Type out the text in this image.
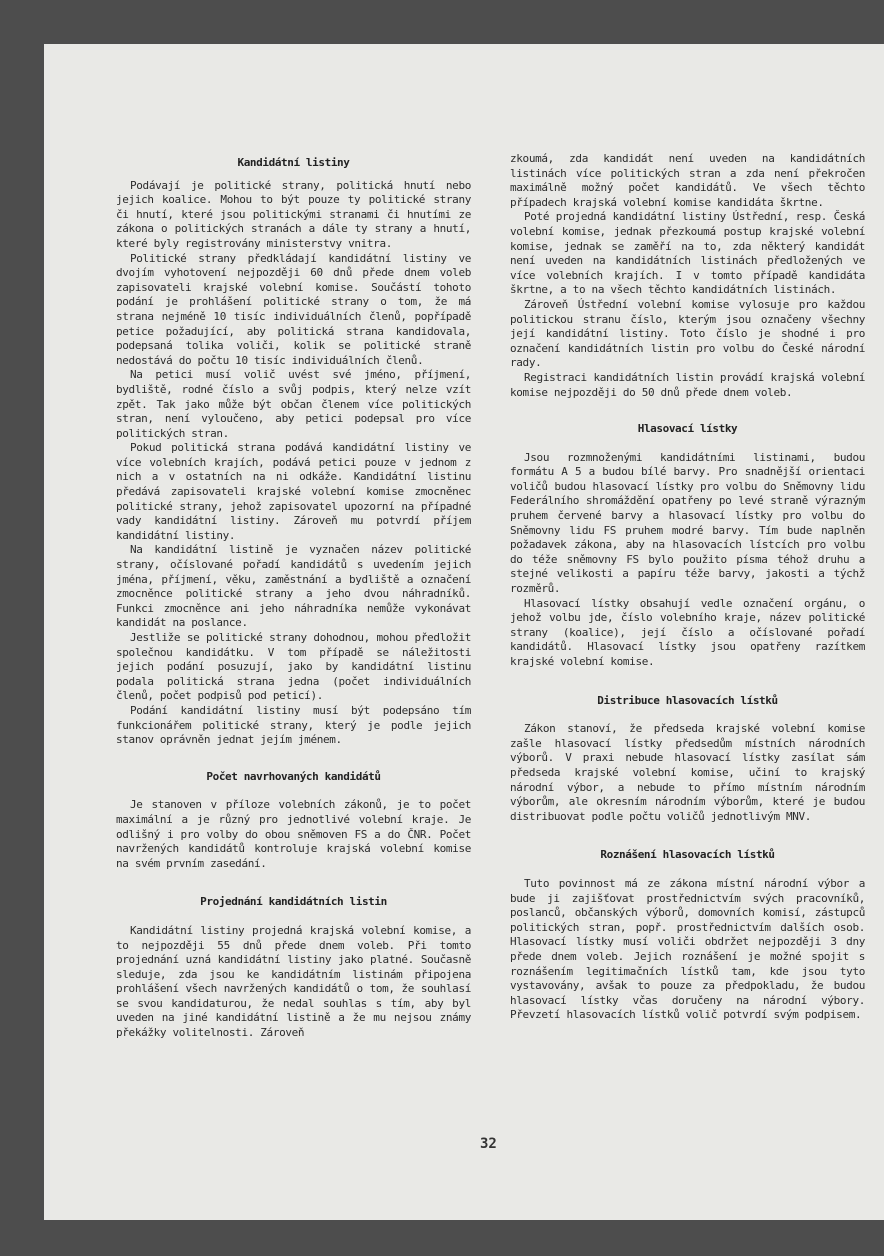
Kandidátní listiny

Podávají je politické strany, politická hnutí nebo jejich koalice. Mohou to být pouze ty politické strany či hnutí, které jsou politickými stranami či hnutími ze zákona o politických stranách a dále ty strany a hnutí, které byly registrovány ministerstvy vnitra.

Politické strany předkládají kandidátní listiny ve dvojím vyhotovení nejpozději 60 dnů přede dnem voleb zapisovateli krajské volební komise. Součástí tohoto podání je prohlášení politické strany o tom, že má strana nejméně 10 tisíc individuálních členů, popřípadě petice požadující, aby politická strana kandidovala, podepsaná tolika voliči, kolik se politické straně nedostává do počtu 10 tisíc individuálních členů.

Na petici musí volič uvést své jméno, příjmení, bydliště, rodné číslo a svůj podpis, který nelze vzít zpět. Tak jako může být občan členem více politických stran, není vyloučeno, aby petici podepsal pro více politických stran.

Pokud politická strana podává kandidátní listiny ve více volebních krajích, podává petici pouze v jednom z nich a v ostatních na ni odkáže. Kandidátní listinu předává zapisovateli krajské volební komise zmocněnec politické strany, jehož zapisovatel upozorní na případné vady kandidátní listiny. Zároveň mu potvrdí příjem kandidátní listiny.

Na kandidátní listině je vyznačen název politické strany, očíslované pořadí kandidátů s uvedením jejich jména, příjmení, věku, zaměstnání a bydliště a označení zmocněnce politické strany a jeho dvou náhradníků. Funkci zmocněnce ani jeho náhradníka nemůže vykonávat kandidát na poslance.

Jestliže se politické strany dohodnou, mohou předložit společnou kandidátku. V tom případě se náležitosti jejich podání posuzují, jako by kandidátní listinu podala politická strana jedna (počet individuálních členů, počet podpisů pod peticí).

Podání kandidátní listiny musí být podepsáno tím funkcionářem politické strany, který je podle jejich stanov oprávněn jednat jejím jménem.

Počet navrhovaných kandidátů

Je stanoven v příloze volebních zákonů, je to počet maximální a je různý pro jednotlivé volební kraje. Je odlišný i pro volby do obou sněmoven FS a do ČNR. Počet navržených kandidátů kontroluje krajská volební komise na svém prvním zasedání.

Projednání kandidátních listin

Kandidátní listiny projedná krajská volební komise, a to nejpozději 55 dnů přede dnem voleb. Při tomto projednání uzná kandidátní listiny jako platné. Současně sleduje, zda jsou ke kandidátním listinám připojena prohlášení všech navržených kandidátů o tom, že souhlasí se svou kandidaturou, že nedal souhlas s tím, aby byl uveden na jiné kandidátní listině a že mu nejsou známy překážky volitelnosti. Zároveň

zkoumá, zda kandidát není uveden na kandidátních listinách více politických stran a zda není překročen maximálně možný počet kandidátů. Ve všech těchto případech krajská volební komise kandidáta škrtne.

Poté projedná kandidátní listiny Ústřední, resp. Česká volební komise, jednak přezkoumá postup krajské volební komise, jednak se zaměří na to, zda některý kandidát není uveden na kandidátních listinách předložených ve více volebních krajích. I v tomto případě kandidáta škrtne, a to na všech těchto kandidátních listinách.

Zároveň Ústřední volební komise vylosuje pro každou politickou stranu číslo, kterým jsou označeny všechny její kandidátní listiny. Toto číslo je shodné i pro označení kandidátních listin pro volbu do České národní rady.

Registraci kandidátních listin provádí krajská volební komise nejpozději do 50 dnů přede dnem voleb.

Hlasovací lístky

Jsou rozmnoženými kandidátními listinami, budou formátu A 5 a budou bílé barvy. Pro snadnější orientaci voličů budou hlasovací lístky pro volbu do Sněmovny lidu Federálního shromáždění opatřeny po levé straně výrazným pruhem červené barvy a hlasovací lístky pro volbu do Sněmovny lidu FS pruhem modré barvy. Tím bude naplněn požadavek zákona, aby na hlasovacích lístcích pro volbu do téže sněmovny FS bylo použito písma téhož druhu a stejné velikosti a papíru téže barvy, jakosti a týchž rozměrů.

Hlasovací lístky obsahují vedle označení orgánu, o jehož volbu jde, číslo volebního kraje, název politické strany (koalice), její číslo a očíslované pořadí kandidátů. Hlasovací lístky jsou opatřeny razítkem krajské volební komise.

Distribuce hlasovacích lístků

Zákon stanoví, že předseda krajské volební komise zašle hlasovací lístky předsedům místních národních výborů. V praxi nebude hlasovací lístky zasílat sám předseda krajské volební komise, učiní to krajský národní výbor, a nebude to přímo místním národním výborům, ale okresním národním výborům, které je budou distribuovat podle počtu voličů jednotlivým MNV.

Roznášení hlasovacích lístků

Tuto povinnost má ze zákona místní národní výbor a bude ji zajišťovat prostřednictvím svých pracovníků, poslanců, občanských výborů, domovních komisí, zástupců politických stran, popř. prostřednictvím dalších osob. Hlasovací lístky musí voliči obdržet nejpozději 3 dny přede dnem voleb. Jejich roznášení je možné spojit s roznášením legitimačních lístků tam, kde jsou tyto vystavovány, avšak to pouze za předpokladu, že budou hlasovací lístky včas doručeny na národní výbory. Převzetí hlasovacích lístků volič potvrdí svým podpisem.

32
